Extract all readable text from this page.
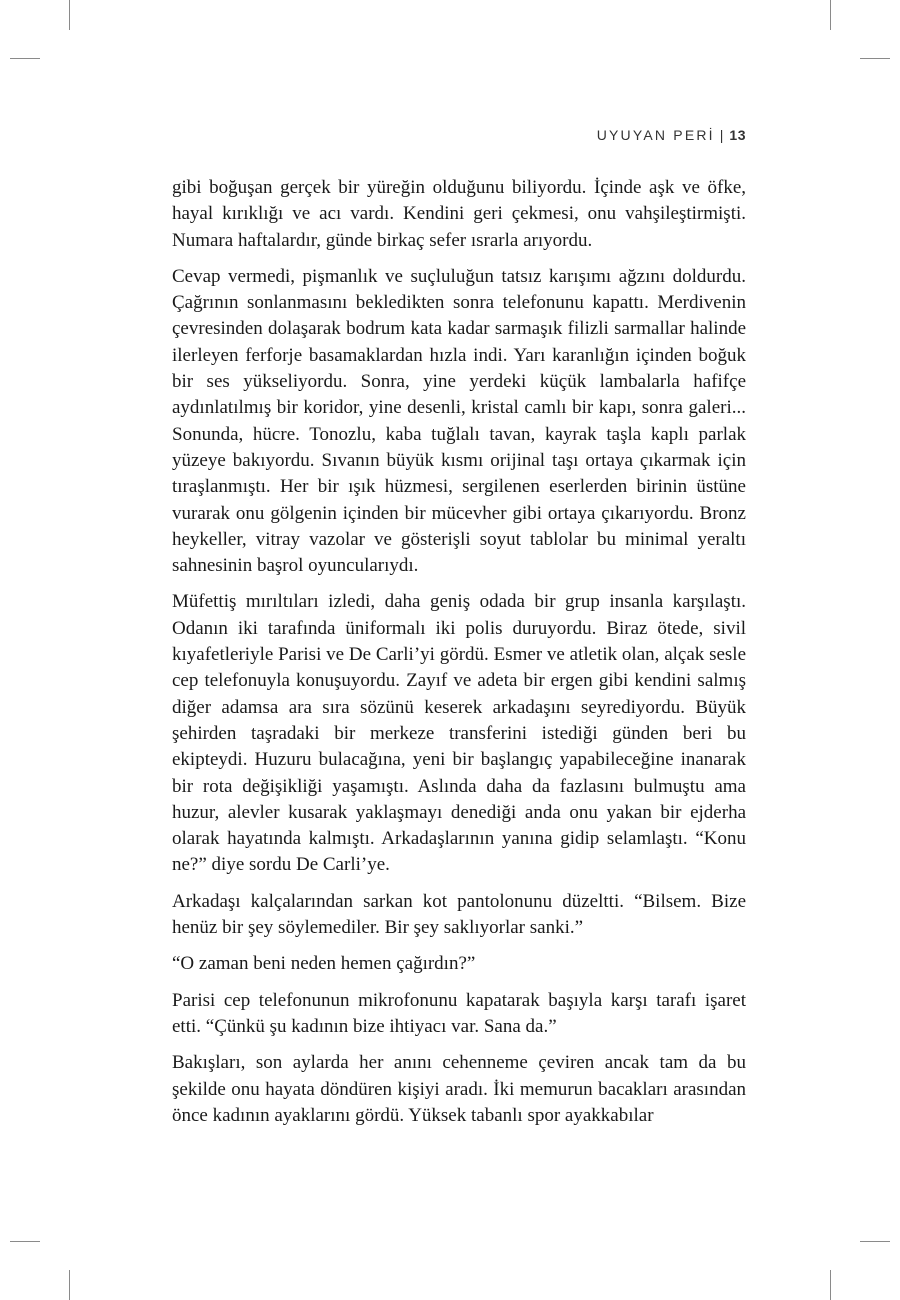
UYUYAN PERİ | 13

gibi boğuşan gerçek bir yüreğin olduğunu biliyordu. İçinde aşk ve öfke, hayal kırıklığı ve acı vardı. Kendini geri çekmesi, onu vahşileştirmişti. Numara haftalardır, günde birkaç sefer ısrarla arıyordu.

Cevap vermedi, pişmanlık ve suçluluğun tatsız karışımı ağzını doldurdu. Çağrının sonlanmasını bekledikten sonra telefonunu kapattı. Merdivenin çevresinden dolaşarak bodrum kata kadar sarmaşık filizli sarmallar halinde ilerleyen ferforje basamaklardan hızla indi. Yarı karanlığın içinden boğuk bir ses yükseliyordu. Sonra, yine yerdeki küçük lambalarla hafifçe aydınlatılmış bir koridor, yine desenli, kristal camlı bir kapı, sonra galeri... Sonunda, hücre. Tonozlu, kaba tuğlalı tavan, kayrak taşla kaplı parlak yüzeye bakıyordu. Sıvanın büyük kısmı orijinal taşı ortaya çıkarmak için tıraşlanmıştı. Her bir ışık hüzmesi, sergilenen eserlerden birinin üstüne vurarak onu gölgenin içinden bir mücevher gibi ortaya çıkarıyordu. Bronz heykeller, vitray vazolar ve gösterişli soyut tablolar bu minimal yeraltı sahnesinin başrol oyuncularıydı.

Müfettiş mırıltıları izledi, daha geniş odada bir grup insanla karşılaştı. Odanın iki tarafında üniformalı iki polis duruyordu. Biraz ötede, sivil kıyafetleriyle Parisi ve De Carli’yi gördü. Esmer ve atletik olan, alçak sesle cep telefonuyla konuşuyordu. Zayıf ve adeta bir ergen gibi kendini salmış diğer adamsa ara sıra sözünü keserek arkadaşını seyrediyordu. Büyük şehirden taşradaki bir merkeze transferini istediği günden beri bu ekipteydi. Huzuru bulacağına, yeni bir başlangıç yapabileceğine inanarak bir rota değişikliği yaşamıştı. Aslında daha da fazlasını bulmuştu ama huzur, alevler kusarak yaklaşmayı denediği anda onu yakan bir ejderha olarak hayatında kalmıştı. Arkadaşlarının yanına gidip selamlaştı. “Konu ne?” diye sordu De Carli’ye.

Arkadaşı kalçalarından sarkan kot pantolonunu düzeltti. “Bilsem. Bize henüz bir şey söylemediler. Bir şey saklıyorlar sanki.”

“O zaman beni neden hemen çağırdın?”

Parisi cep telefonunun mikrofonunu kapatarak başıyla karşı tarafı işaret etti. “Çünkü şu kadının bize ihtiyacı var. Sana da.”

Bakışları, son aylarda her anını cehenneme çeviren ancak tam da bu şekilde onu hayata döndüren kişiyi aradı. İki memurun bacakları arasından önce kadının ayaklarını gördü. Yüksek tabanlı spor ayakkabılar
